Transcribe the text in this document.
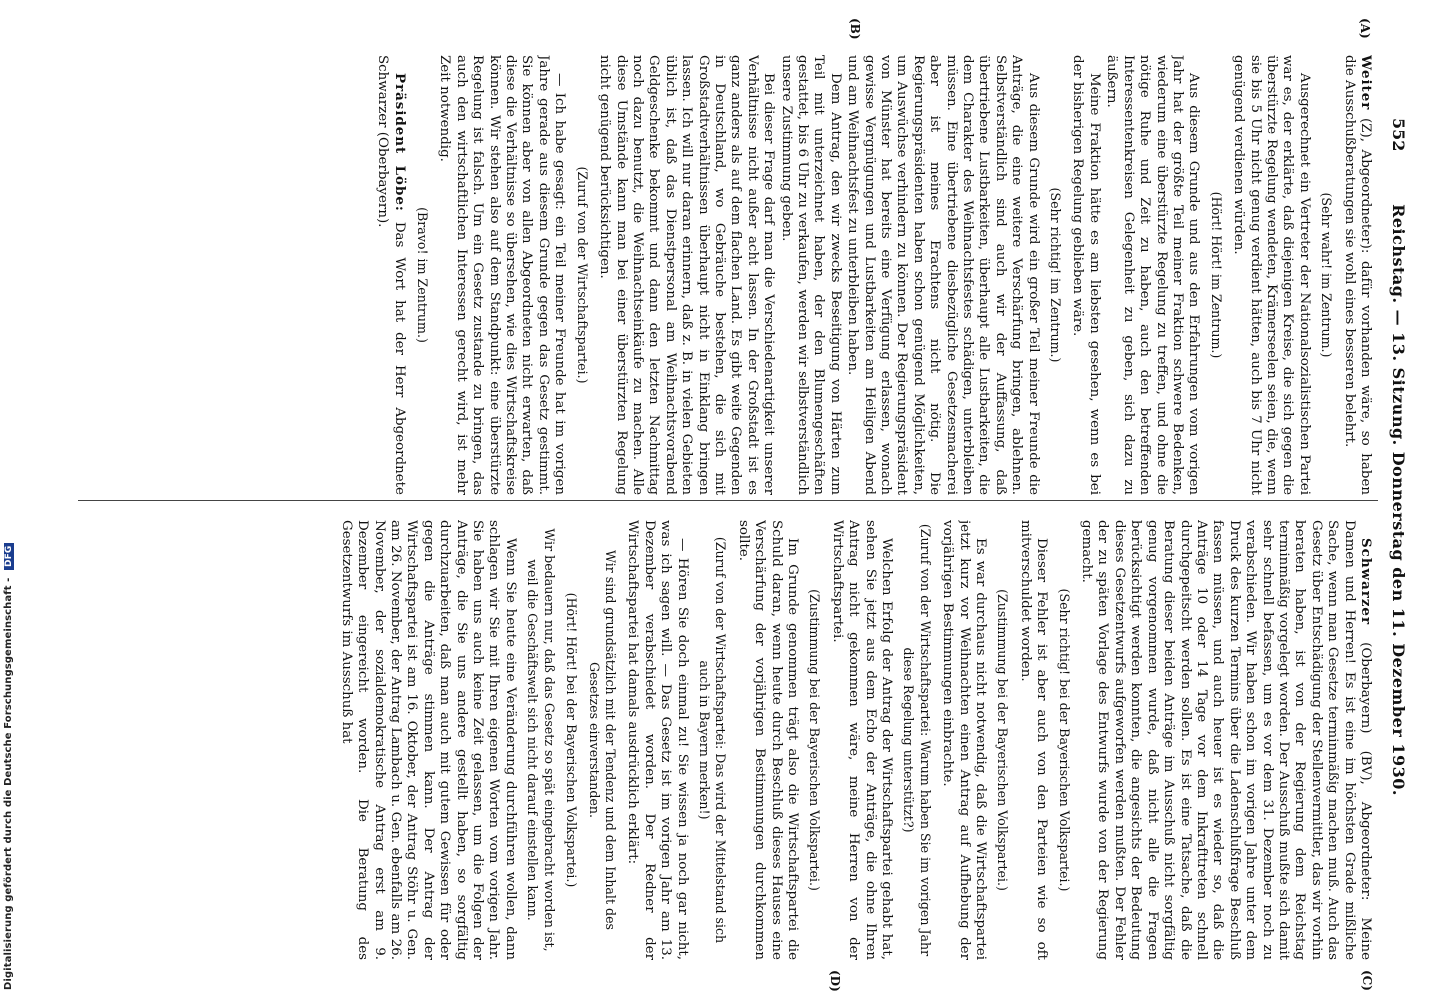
Digitalisierung gefördert durch die Deutsche Forschungsgemeinschaft - DFG
552
Reichstag. — 13. Sitzung. Donnerstag den 11. Dezember 1930.
(A)
(B)
(C)
(D)

Weiter (Z), Abgeordneter): dafür vorhanden wäre, so haben die Ausschußberatungen sie wohl eines besseren belehrt.

(Sehr wahr! im Zentrum.)

Ausgerechnet ein Vertreter der Nationalsozialistischen Partei war es, der erklärte, daß diejenigen Kreise, die sich gegen die überstürzte Regelung wendeten, Krämerseelen seien, die, wenn sie bis 5 Uhr nicht genug verdient hätten, auch bis 7 Uhr nicht genügend verdienen würden.

(Hört! Hört! im Zentrum.)

Aus diesem Grunde und aus den Erfahrungen vom vorigen Jahr hat der größte Teil meiner Fraktion schwere Bedenken, wiederum eine überstürzte Regelung zu treffen, und ohne die nötige Ruhe und Zeit zu haben, auch den betreffenden Interessentenkreisen Gelegenheit zu geben, sich dazu zu äußern.

Meine Fraktion hätte es am liebsten gesehen, wenn es bei der bisherigen Regelung geblieben wäre.

(Sehr richtig! im Zentrum.)

Aus diesem Grunde wird ein großer Teil meiner Freunde die Anträge, die eine weitere Verschärfung bringen, ablehnen. Selbstverständlich sind auch wir der Auffassung, daß übertriebene Lustbarkeiten, überhaupt alle Lustbarkeiten, die dem Charakter des Weihnachtsfestes schädigen, unterbleiben müssen. Eine übertriebene diesbezügliche Gesetzesmacherei aber ist meines Erachtens nicht nötig. Die Regierungspräsidenten haben schon genügend Möglichkeiten, um Auswüchse verhindern zu können. Der Regierungspräsident von Münster hat bereits eine Verfügung erlassen, wonach gewisse Vergnügungen und Lustbarkeiten am Heiligen Abend und am Weihnachtsfest zu unterbleiben haben.

Dem Antrag, den wir zwecks Beseitigung von Härten zum Teil mit unterzeichnet haben, der den Blumengeschäften gestattet, bis 6 Uhr zu verkaufen, werden wir selbstverständlich unsere Zustimmung geben.

Bei dieser Frage darf man die Verschiedenartigkeit unserer Verhältnisse nicht außer acht lassen. In der Großstadt ist es ganz anders als auf dem flachen Land. Es gibt weite Gegenden in Deutschland, wo Gebräuche bestehen, die sich mit Großstadtverhältnissen überhaupt nicht in Einklang bringen lassen. Ich will nur daran erinnern, daß z. B. in vielen Gebieten üblich ist, daß das Dienstpersonal am Weihnachtsvorabend Geldgeschenke bekommt und dann den letzten Nachmittag noch dazu benutzt, die Weihnachtseinkäufe zu machen. Alle diese Umstände kann man bei einer überstürzten Regelung nicht genügend berücksichtigen.

(Zuruf von der Wirtschaftspartei.)

— Ich habe gesagt: ein Teil meiner Freunde hat im vorigen Jahre gerade aus diesem Grunde gegen das Gesetz gestimmt. Sie können aber von allen Abgeordneten nicht erwarten, daß diese die Verhältnisse so übersehen, wie dies Wirtschaftskreise können. Wir stehen also auf dem Standpunkt: eine überstürzte Regelung ist falsch. Um ein Gesetz zustande zu bringen, das auch den wirtschaftlichen Interessen gerecht wird, ist mehr Zeit notwendig.

(Bravo! im Zentrum.)

Präsident Löbe: Das Wort hat der Herr Abgeordnete Schwarzer (Oberbayern).

Schwarzer (Oberbayern) (BV), Abgeordneter: Meine Damen und Herren! Es ist eine im höchsten Grade mißliche Sache, wenn man Gesetze terminmäßig machen muß. Auch das Gesetz über Entschädigung der Stellenvermittler, das wir vorhin beraten haben, ist von der Regierung dem Reichstag terminmäßig vorgelegt worden. Der Ausschuß mußte sich damit sehr schnell befassen, um es vor dem 31. Dezember noch zu verabschieden. Wir haben schon im vorigen Jahre unter dem Druck des kurzen Termins über die Ladenschlußfrage Beschluß fassen müssen, und auch heuer ist es wieder so, daß die Anträge 10 oder 14 Tage vor dem Inkrafttreten schnell durchgepeitscht werden sollen. Es ist eine Tatsache, daß die Beratung dieser beiden Anträge im Ausschuß nicht sorgfältig genug vorgenommen wurde, daß nicht alle die Fragen berücksichtigt werden konnten, die angesichts der Bedeutung dieses Gesetzentwurfs aufgeworfen werden mußten. Der Fehler der zu späten Vorlage des Entwurfs wurde von der Regierung gemacht.

(Sehr richtig! bei der Bayerischen Volkspartei.)

Dieser Fehler ist aber auch von den Parteien wie so oft mitverschuldet worden.

(Zustimmung bei der Bayerischen Volkspartei.)

Es war durchaus nicht notwendig, daß die Wirtschaftspartei jetzt kurz vor Weihnachten einen Antrag auf Aufhebung der vorjährigen Bestimmungen einbrachte.

(Zuruf von der Wirtschaftspartei: Warum haben Sie im vorigen Jahr diese Regelung unterstützt?)

Welchen Erfolg der Antrag der Wirtschaftspartei gehabt hat, sehen Sie jetzt aus dem Echo der Anträge, die ohne Ihren Antrag nicht gekommen wäre, meine Herren von der Wirtschaftspartei.

(Zustimmung bei der Bayerischen Volkspartei.)

Im Grunde genommen trägt also die Wirtschaftspartei die Schuld daran, wenn heute durch Beschluß dieses Hauses eine Verschärfung der vorjährigen Bestimmungen durchkommen sollte.

(Zuruf von der Wirtschaftspartei: Das wird der Mittelstand sich auch in Bayern merken!)

— Hören Sie doch einmal zu! Sie wissen ja noch gar nicht, was ich sagen will. — Das Gesetz ist im vorigen Jahr am 13. Dezember verabschiedet worden. Der Redner der Wirtschaftspartei hat damals ausdrücklich erklärt:

Wir sind grundsätzlich mit der Tendenz und dem Inhalt des Gesetzes einverstanden.

(Hört! Hört! bei der Bayerischen Volkspartei.)

Wir bedauern nur, daß das Gesetz so spät eingebracht worden ist, weil die Geschäftswelt sich nicht darauf einstellen kann.

Wenn Sie heute eine Veränderung durchführen wollen, dann schlagen wir Sie mit Ihren eigenen Worten vom vorigen Jahr. Sie haben uns auch keine Zeit gelassen, um die Folgen der Anträge, die Sie uns andere gestellt haben, so sorgfältig durchzuarbeiten, daß man auch mit gutem Gewissen für oder gegen die Anträge stimmen kann. Der Antrag der Wirtschaftspartei ist am 16. Oktober, der Antrag Stöhr u. Gen. am 26. November, der Antrag Lambach u. Gen. ebenfalls am 26. November, der sozialdemokratische Antrag erst am 9. Dezember eingereicht worden. Die Beratung des Gesetzentwurfs im Ausschuß hat
